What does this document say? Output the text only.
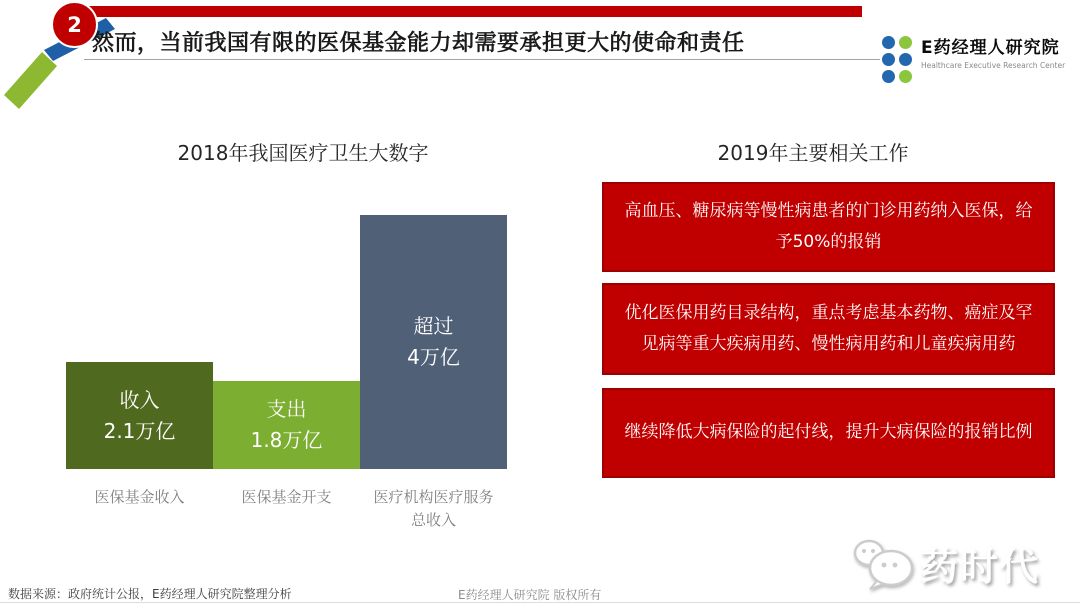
2
然而，当前我国有限的医保基金能力却需要承担更大的使命和责任	E药经理人研究院
Healthcare Executive Research Center
2018年我国医疗卫生大数字
收入
2.1万亿
支出
1.8万亿
超过
4万亿
医保基金收入	医保基金开支	医疗机构医疗服务
总收入
2019年主要相关工作
高血压、糖尿病等慢性病患者的门诊用药纳入医保，给予50%的报销
优化医保用药目录结构，重点考虑基本药物、癌症及罕见病等重大疾病用药、慢性病用药和儿童疾病用药
继续降低大病保险的起付线，提升大病保险的报销比例
数据来源：政府统计公报，E药经理人研究院整理分析	E药经理人研究院 版权所有
药时代
